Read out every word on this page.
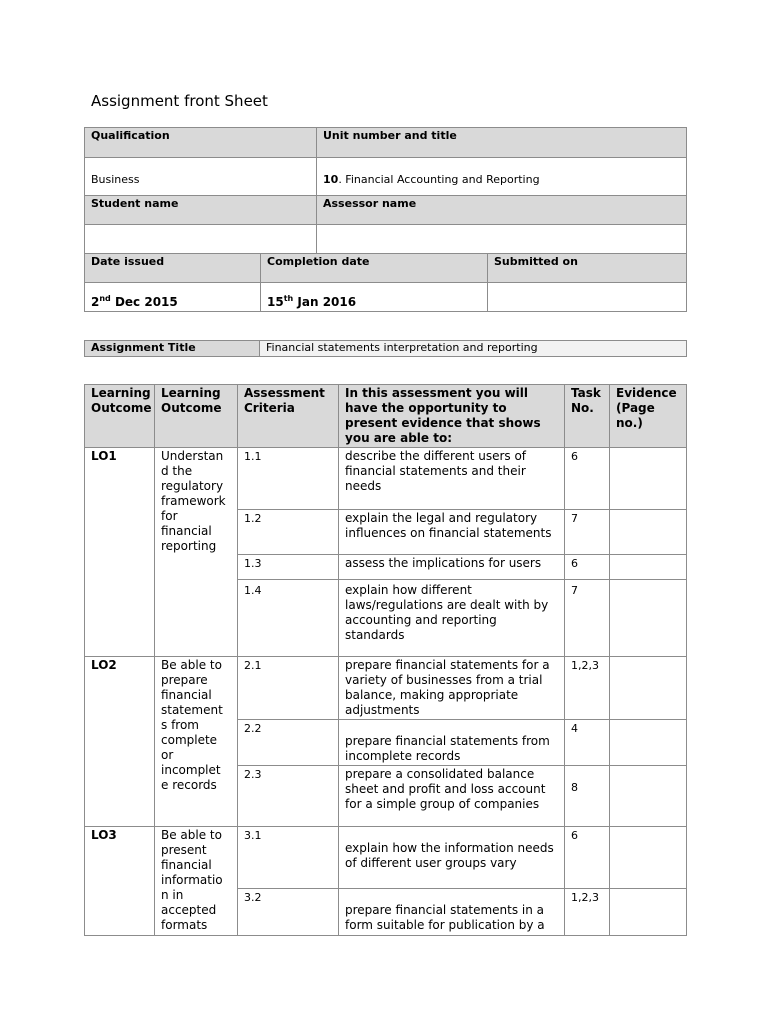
Assignment front Sheet
Qualification	Unit number and title
Business	10. Financial Accounting and Reporting
Student name	Assessor name

Date issued	Completion date	Submitted on
2nd Dec 2015	15th Jan 2016	
Assignment Title	Financial statements interpretation and reporting
Learning Outcome	Learning Outcome	Assessment Criteria	In this assessment you will have the opportunity to present evidence that shows you are able to:	Task No.	Evidence (Page no.)
LO1	Understan d the regulatory framework for financial reporting	1.1	describe the different users of financial statements and their needs	6	
		1.2	explain the legal and regulatory influences on financial statements	7	
		1.3	assess the implications for users	6	
		1.4	explain how different laws/regulations are dealt with by accounting and reporting standards	7	
LO2	Be able to prepare financial statement s from complete or incomplet e records	2.1	prepare financial statements for a variety of businesses from a trial balance, making appropriate adjustments	1,2,3	
		2.2	prepare financial statements from incomplete records	4	
		2.3	prepare a consolidated balance sheet and profit and loss account for a simple group of companies	8	
LO3	Be able to present financial informatio n in accepted formats	3.1	explain how the information needs of different user groups vary	6	
		3.2	prepare financial statements in a form suitable for publication by a	1,2,3	
